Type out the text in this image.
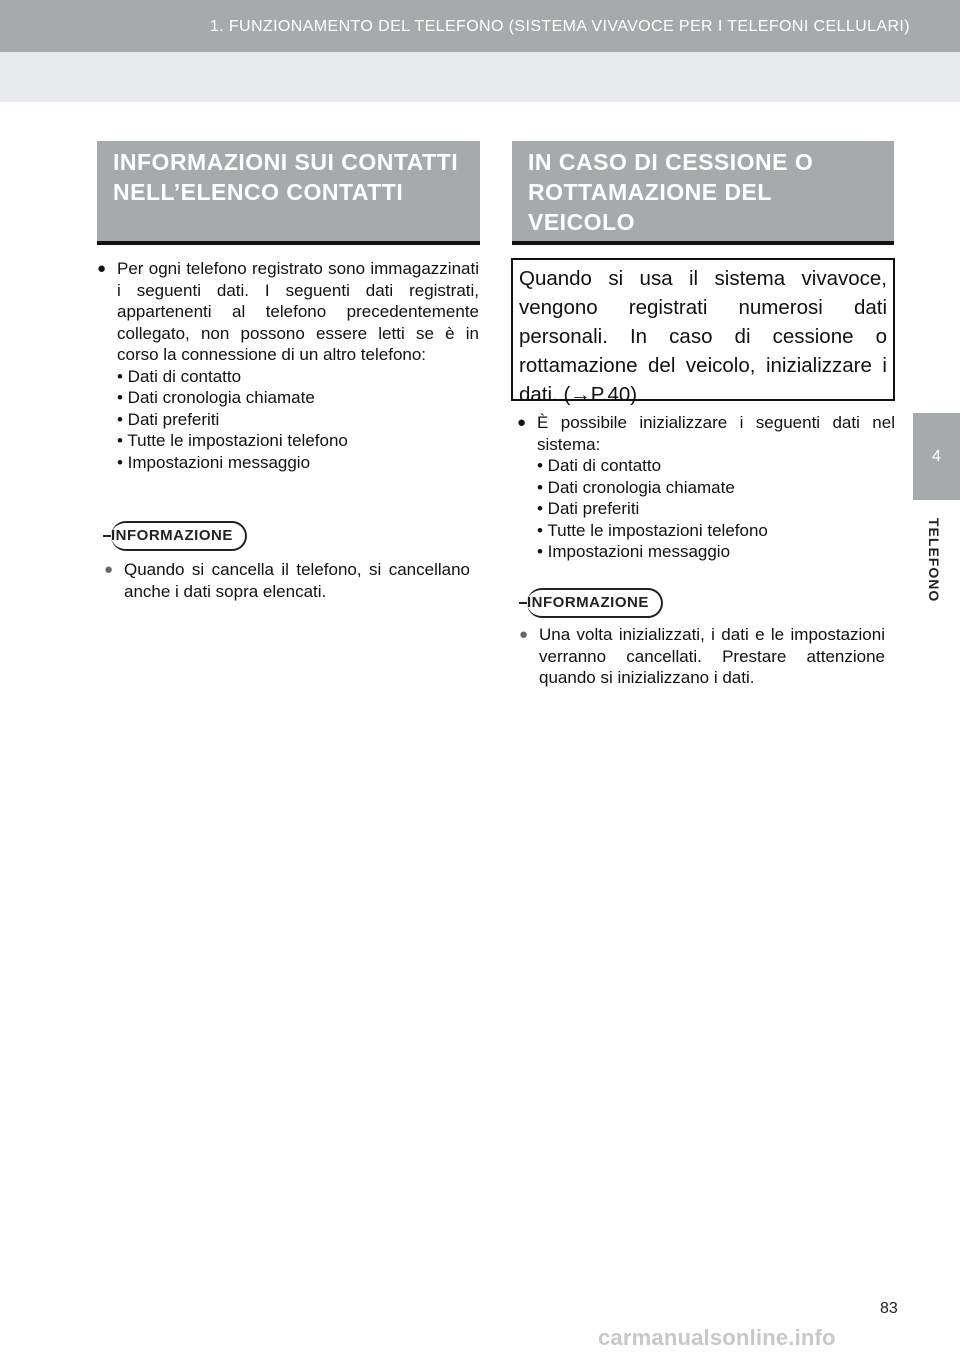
1. FUNZIONAMENTO DEL TELEFONO (SISTEMA VIVAVOCE PER I TELEFONI CELLULARI)
4
TELEFONO
INFORMAZIONI SUI CONTATTI NELL’ELENCO CONTATTI
● Per ogni telefono registrato sono immagazzinati i seguenti dati. I seguenti dati registrati, appartenenti al telefono precedentemente collegato, non possono essere letti se è in corso la connessione di un altro telefono:
• Dati di contatto
• Dati cronologia chiamate
• Dati preferiti
• Tutte le impostazioni telefono
• Impostazioni messaggio
INFORMAZIONE
● Quando si cancella il telefono, si cancellano anche i dati sopra elencati.
IN CASO DI CESSIONE O ROTTAMAZIONE DEL VEICOLO
Quando si usa il sistema vivavoce, vengono registrati numerosi dati personali. In caso di cessione o rottamazione del veicolo, inizializzare i dati. (→P.40)
● È possibile inizializzare i seguenti dati nel sistema:
• Dati di contatto
• Dati cronologia chiamate
• Dati preferiti
• Tutte le impostazioni telefono
• Impostazioni messaggio
INFORMAZIONE
● Una volta inizializzati, i dati e le impostazioni verranno cancellati. Prestare attenzione quando si inizializzano i dati.
83
carmanualsonline.info
